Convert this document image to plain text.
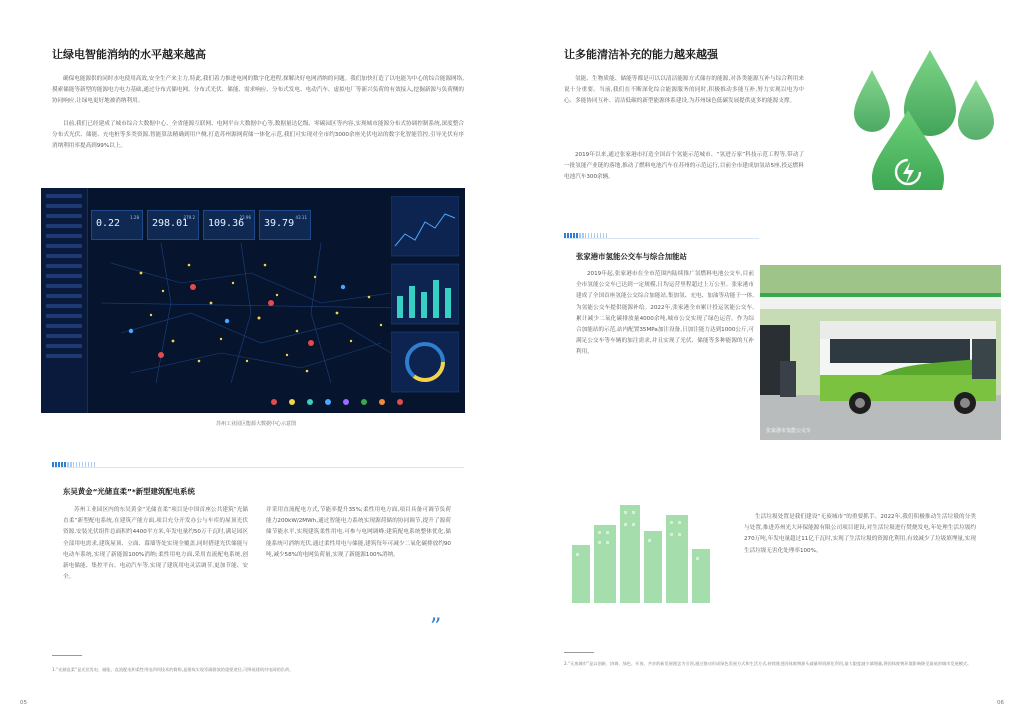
让绿电智能消纳的水平越来越高

确保电能源供的同时水电使用高效,安全生产来主力,特此,我们着力推进电网的数字化进程,探解决好电网消纳的问题。我们加快打造了以电能为中心的综合能源网络,摸索储能等新型的能源电力电力基础,通过分布式储电网、分布式光伏、储能、需求响应、分布式发电、电动汽车、虚拟电厂等新兴负荷的有效接入,挖掘新源与负荷侧的协同响应,让绿电更好地被消纳利用。

目前,我们已经建成了城市综合大数据中心、全省能源互联网、电网平台大数据中心等,数据量达亿级、零碳园区等内容,实现城市能源分布式协调控制系统,深度整合分布式光伏、储能、充电桩等多类资源,智能算法精确到用户侧,打造苏州源网荷储一体化示范,我们可实现对全市约3000余座光伏电站的数字化智能管控,引导光伏有序消纳利用率提高到99%以上。

0.22
1.28
298.01
279.2
109.36
22.96
39.79
43.11
苏州工业园区能源大数据中心示意图
东吴黄金“光储直柔”*新型建筑配电系统

苏州工业园区内的东吴黄金“光储直柔”项目是中国首座公共建筑“光储直柔”新型配电系统,在建筑产能方面,项目充分开发办公与车库的屋顶光伏资源,安装光伏组件总面积约4400平方米,年发电量约50万千瓦时,满足园区全部用电需求,建筑屋顶、立面、幕墙等处实现全覆盖,同时搭建光伏储能与电动车系统,实现了新能源100%消纳;柔性用电方面,采用直流配电系统,创新电储能、集控平台、电动汽车等,实现了建筑用电灵活调节,更加节能、安全。

并采用直流配电方式,节能率提升35%;柔性用电方面,项目具备可调节负荷能力200kW/2MWh,通过智能电力系统实现源荷储的协同调节,提升了源荷储节能水平,实现建筑柔性用电,可参与电网调峰;建筑配电系统整体优化,储能系统可消纳光伏,通过柔性用电与储能,建筑每年可减少二氧化碳排放约90吨,减少58%的电网负荷量,实现了新能源100%消纳。

”
1.“光储直柔”是光伏发电、储能、直流配电和柔性用电四项技术的简称,是建筑实现零碳排放的重要途径,可降低建筑对电网的负荷。
05
让多能清洁补充的能力越来越强

氢能、生物质能、储能等都是可以以清洁能源方式储存的能源,对各类能源互补与综合利用来说十分重要。当前,我们在不断深化综合能源服务的同时,积极推动多能互补,努力实现以电为中心、多能协同互补、清洁低碳的新型能源体系建设,为苏州绿色低碳发展提供更多的能源支撑。

2019年以来,通过张家港市打造全国首个氢能示范城市、“氢进万家”科技示范工程等,带动了一批氢能产业链的落地,推动了燃料电池汽车在苏州的示范运行,目前全市建成加氢站5座,投运燃料电池汽车300余辆。

张家港市氢能公交车与综合加能站

2019年起,张家港市在全市范围内陆续推广氢燃料电池公交车,目前全市氢能公交车已达到一定规模,日均运营里程超过上万公里。张家港市建成了全国首座氢能公交综合加能站,集加氢、充电、加油等功能于一体,为氢能公交车提供能源补给。2022年,张家港全市累计投运氢能公交车,累计减少二氧化碳排放量4000余吨,城市公交实现了绿色运营。作为综合加能站的示范,站内配置35MPa加注设备,日加注能力达到1000公斤,可满足公交车等车辆的加注需求,并且实现了光伏、储能等多种能源的互补利用。

生活垃圾处置是我们建设“无废城市”的重要抓手。2022年,我们积极推动生活垃圾的分类与处置,推进苏州光大环保能源有限公司项目建设,对生活垃圾进行焚烧发电,年处理生活垃圾约270万吨,年发电量超过11亿千瓦时,实现了生活垃圾的资源化利用,有效减少了垃圾填埋量,实现生活垃圾无害化处理率100%。

2.“无废城市”是以创新、协调、绿色、开放、共享的新发展理念为引领,通过推动形成绿色发展方式和生活方式,持续推进固体废物源头减量和资源化利用,最大限度减少填埋量,将固体废物环境影响降至最低的城市发展模式。
06
张家港市氢能公交车
